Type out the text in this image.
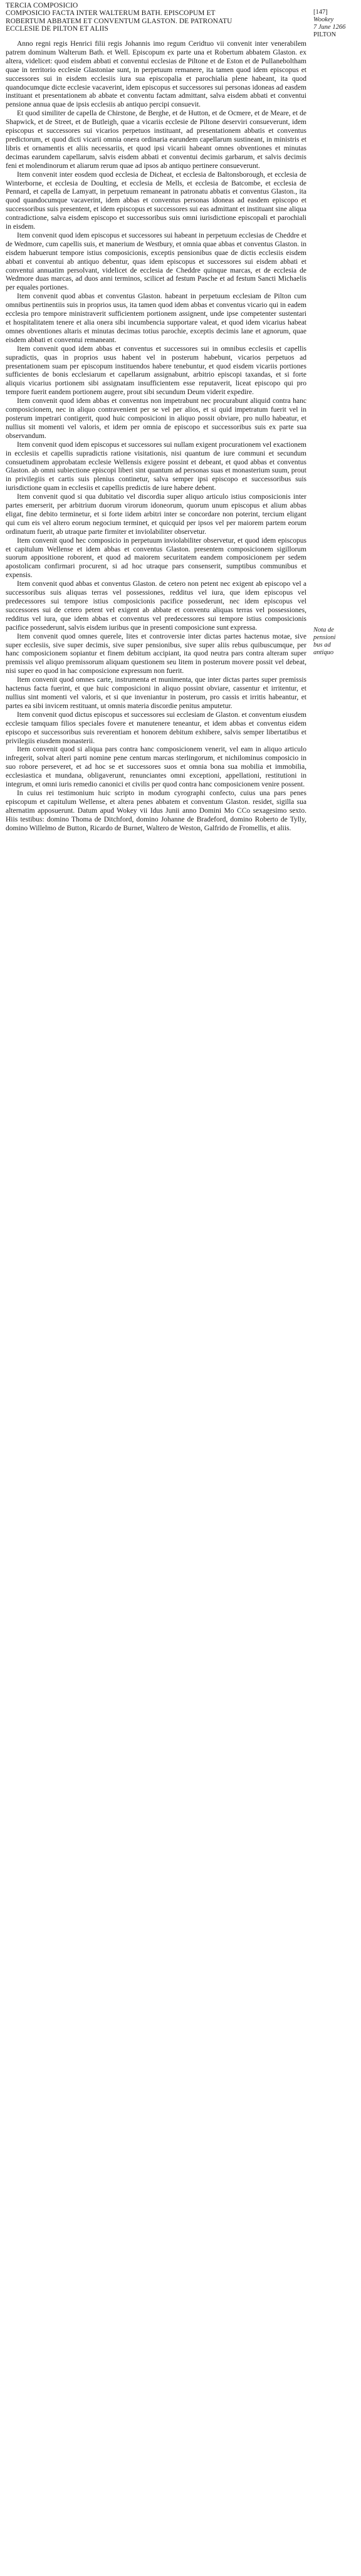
TERCIA COMPOSICIO
COMPOSICIO FACTA INTER WALTERUM BATH. EPISCOPUM ET
ROBERTUM ABBATEM ET CONVENTUM GLASTON. DE PATRONATU
ECCLESIE DE PILTON ET ALIIS
[147]
Wookey
7 June 1266
PILTON
Nota de
pensioni
bus ad
antiquo

Anno regni regis Henrici filii regis Johannis imo regum Ceridtuo vii convenit inter venerabilem patrem dominum Walterum Bath. et Well. Episcopum ex parte una et Robertum abbatem Glaston. ex altera, videlicet: quod eisdem abbati et conventui ecclesias de Piltone et de Eston et de Pullaneboltham quae in territorio ecclesie Glastoniae sunt, in perpetuum remanere, ita tamen quod idem episcopus et successores sui in eisdem ecclesiis iura sua episcopalia et parochialia plene habeant, ita quod quandocumque dicte ecclesie vacaverint, idem episcopus et successores sui personas idoneas ad easdem instituant et presentationem ab abbate et conventu factam admittant, salva eisdem abbati et conventui pensione annua quae de ipsis ecclesiis ab antiquo percipi consuevit.

Et quod similiter de capella de Chirstone, de Berghe, et de Hutton, et de Ocmere, et de Meare, et de Shapwick, et de Street, et de Butleigh, quae a vicariis ecclesie de Piltone deserviri consueverunt, idem episcopus et successores sui vicarios perpetuos instituant, ad presentationem abbatis et conventus predictorum, et quod dicti vicarii omnia onera ordinaria earundem capellarum sustineant, in ministris et libris et ornamentis et aliis necessariis, et quod ipsi vicarii habeant omnes obventiones et minutas decimas earundem capellarum, salvis eisdem abbati et conventui decimis garbarum, et salvis decimis feni et molendinorum et aliarum rerum quae ad ipsos ab antiquo pertinere consueverunt.

Item convenit inter eosdem quod ecclesia de Dicheat, et ecclesia de Baltonsborough, et ecclesia de Winterborne, et ecclesia de Doulting, et ecclesia de Mells, et ecclesia de Batcombe, et ecclesia de Pennard, et capella de Lamyatt, in perpetuum remaneant in patronatu abbatis et conventus Glaston., ita quod quandocumque vacaverint, idem abbas et conventus personas idoneas ad easdem episcopo et successoribus suis presentent, et idem episcopus et successores sui eas admittant et instituant sine aliqua contradictione, salva eisdem episcopo et successoribus suis omni iurisdictione episcopali et parochiali in eisdem.

Item convenit quod idem episcopus et successores sui habeant in perpetuum ecclesias de Cheddre et de Wedmore, cum capellis suis, et manerium de Westbury, et omnia quae abbas et conventus Glaston. in eisdem habuerunt tempore istius composicionis, exceptis pensionibus quae de dictis ecclesiis eisdem abbati et conventui ab antiquo debentur, quas idem episcopus et successores sui eisdem abbati et conventui annuatim persolvant, videlicet de ecclesia de Cheddre quinque marcas, et de ecclesia de Wedmore duas marcas, ad duos anni terminos, scilicet ad festum Pasche et ad festum Sancti Michaelis per equales portiones.

Item convenit quod abbas et conventus Glaston. habeant in perpetuum ecclesiam de Pilton cum omnibus pertinentiis suis in proprios usus, ita tamen quod idem abbas et conventus vicario qui in eadem ecclesia pro tempore ministraverit sufficientem portionem assignent, unde ipse competenter sustentari et hospitalitatem tenere et alia onera sibi incumbencia supportare valeat, et quod idem vicarius habeat omnes obventiones altaris et minutas decimas totius parochie, exceptis decimis lane et agnorum, quae eisdem abbati et conventui remaneant.

Item convenit quod idem abbas et conventus et successores sui in omnibus ecclesiis et capellis supradictis, quas in proprios usus habent vel in posterum habebunt, vicarios perpetuos ad presentationem suam per episcopum instituendos habere tenebuntur, et quod eisdem vicariis portiones sufficientes de bonis ecclesiarum et capellarum assignabunt, arbitrio episcopi taxandas, et si forte aliquis vicarius portionem sibi assignatam insufficientem esse reputaverit, liceat episcopo qui pro tempore fuerit eandem portionem augere, prout sibi secundum Deum viderit expedire.

Item convenit quod idem abbas et conventus non impetrabunt nec procurabunt aliquid contra hanc composicionem, nec in aliquo contravenient per se vel per alios, et si quid impetratum fuerit vel in posterum impetrari contigerit, quod huic composicioni in aliquo possit obviare, pro nullo habeatur, et nullius sit momenti vel valoris, et idem per omnia de episcopo et successoribus suis ex parte sua observandum.

Item convenit quod idem episcopus et successores sui nullam exigent procurationem vel exactionem in ecclesiis et capellis supradictis ratione visitationis, nisi quantum de iure communi et secundum consuetudinem approbatam ecclesie Wellensis exigere possint et debeant, et quod abbas et conventus Glaston. ab omni subiectione episcopi liberi sint quantum ad personas suas et monasterium suum, prout in privilegiis et cartis suis plenius continetur, salva semper ipsi episcopo et successoribus suis iurisdictione quam in ecclesiis et capellis predictis de iure habere debent.

Item convenit quod si qua dubitatio vel discordia super aliquo articulo istius composicionis inter partes emerserit, per arbitrium duorum virorum idoneorum, quorum unum episcopus et alium abbas eligat, fine debito terminetur, et si forte iidem arbitri inter se concordare non poterint, tercium eligant qui cum eis vel altero eorum negocium terminet, et quicquid per ipsos vel per maiorem partem eorum ordinatum fuerit, ab utraque parte firmiter et inviolabiliter observetur.

Item convenit quod hec composicio in perpetuum inviolabiliter observetur, et quod idem episcopus et capitulum Wellense et idem abbas et conventus Glaston. presentem composicionem sigillorum suorum appositione roborent, et quod ad maiorem securitatem eandem composicionem per sedem apostolicam confirmari procurent, si ad hoc utraque pars consenserit, sumptibus communibus et expensis.

Item convenit quod abbas et conventus Glaston. de cetero non petent nec exigent ab episcopo vel a successoribus suis aliquas terras vel possessiones, redditus vel iura, que idem episcopus vel predecessores sui tempore istius composicionis pacifice possederunt, nec idem episcopus vel successores sui de cetero petent vel exigent ab abbate et conventu aliquas terras vel possessiones, redditus vel iura, que idem abbas et conventus vel predecessores sui tempore istius composicionis pacifice possederunt, salvis eisdem iuribus que in presenti composicione sunt expressa.

Item convenit quod omnes querele, lites et controversie inter dictas partes hactenus motae, sive super ecclesiis, sive super decimis, sive super pensionibus, sive super aliis rebus quibuscumque, per hanc composicionem sopiantur et finem debitum accipiant, ita quod neutra pars contra alteram super premissis vel aliquo premissorum aliquam questionem seu litem in posterum movere possit vel debeat, nisi super eo quod in hac composicione expressum non fuerit.

Item convenit quod omnes carte, instrumenta et munimenta, que inter dictas partes super premissis hactenus facta fuerint, et que huic composicioni in aliquo possint obviare, cassentur et irritentur, et nullius sint momenti vel valoris, et si que inveniantur in posterum, pro cassis et irritis habeantur, et partes ea sibi invicem restituant, ut omnis materia discordie penitus amputetur.

Item convenit quod dictus episcopus et successores sui ecclesiam de Glaston. et conventum eiusdem ecclesie tamquam filios speciales fovere et manutenere teneantur, et idem abbas et conventus eidem episcopo et successoribus suis reverentiam et honorem debitum exhibere, salvis semper libertatibus et privilegiis eiusdem monasterii.

Item convenit quod si aliqua pars contra hanc composicionem venerit, vel eam in aliquo articulo infregerit, solvat alteri parti nomine pene centum marcas sterlingorum, et nichilominus composicio in suo robore perseveret, et ad hoc se et successores suos et omnia bona sua mobilia et immobilia, ecclesiastica et mundana, obligaverunt, renunciantes omni exceptioni, appellationi, restitutioni in integrum, et omni iuris remedio canonici et civilis per quod contra hanc composicionem venire possent.

In cuius rei testimonium huic scripto in modum cyrographi confecto, cuius una pars penes episcopum et capitulum Wellense, et altera penes abbatem et conventum Glaston. residet, sigilla sua alternatim apposuerunt. Datum apud Wokey vii Idus Junii anno Domini Mo CCo sexagesimo sexto. Hiis testibus: domino Thoma de Ditchford, domino Johanne de Bradeford, domino Roberto de Tylly, domino Willelmo de Button, Ricardo de Burnet, Waltero de Weston, Galfrido de Fromellis, et aliis.
